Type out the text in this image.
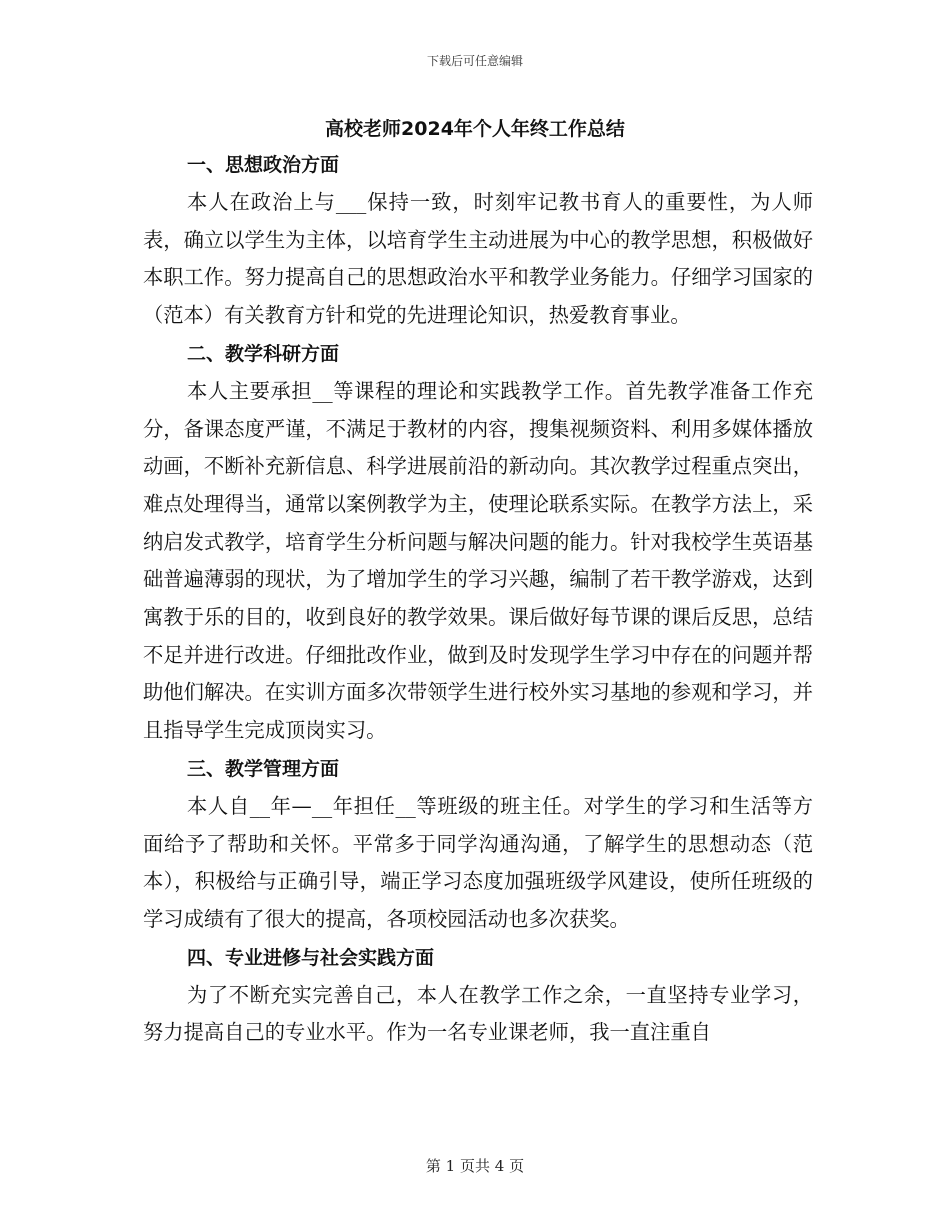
下载后可任意编辑
高校老师2024年个人年终工作总结
一、思想政治方面

本人在政治上与___保持一致，时刻牢记教书育人的重要性，为人师表，确立以学生为主体，以培育学生主动进展为中心的教学思想，积极做好本职工作。努力提高自己的思想政治水平和教学业务能力。仔细学习国家的（范本）有关教育方针和党的先进理论知识，热爱教育事业。

二、教学科研方面

本人主要承担__等课程的理论和实践教学工作。首先教学准备工作充分，备课态度严谨，不满足于教材的内容，搜集视频资料、利用多媒体播放动画，不断补充新信息、科学进展前沿的新动向。其次教学过程重点突出，难点处理得当，通常以案例教学为主，使理论联系实际。在教学方法上，采纳启发式教学，培育学生分析问题与解决问题的能力。针对我校学生英语基础普遍薄弱的现状，为了增加学生的学习兴趣，编制了若干教学游戏，达到寓教于乐的目的，收到良好的教学效果。课后做好每节课的课后反思，总结不足并进行改进。仔细批改作业，做到及时发现学生学习中存在的问题并帮助他们解决。在实训方面多次带领学生进行校外实习基地的参观和学习，并且指导学生完成顶岗实习。

三、教学管理方面

本人自__年—__年担任__等班级的班主任。对学生的学习和生活等方面给予了帮助和关怀。平常多于同学沟通沟通，了解学生的思想动态（范本），积极给与正确引导，端正学习态度加强班级学风建设，使所任班级的学习成绩有了很大的提高，各项校园活动也多次获奖。

四、专业进修与社会实践方面

为了不断充实完善自己，本人在教学工作之余，一直坚持专业学习，努力提高自己的专业水平。作为一名专业课老师，我一直注重自

第 1 页共 4 页
